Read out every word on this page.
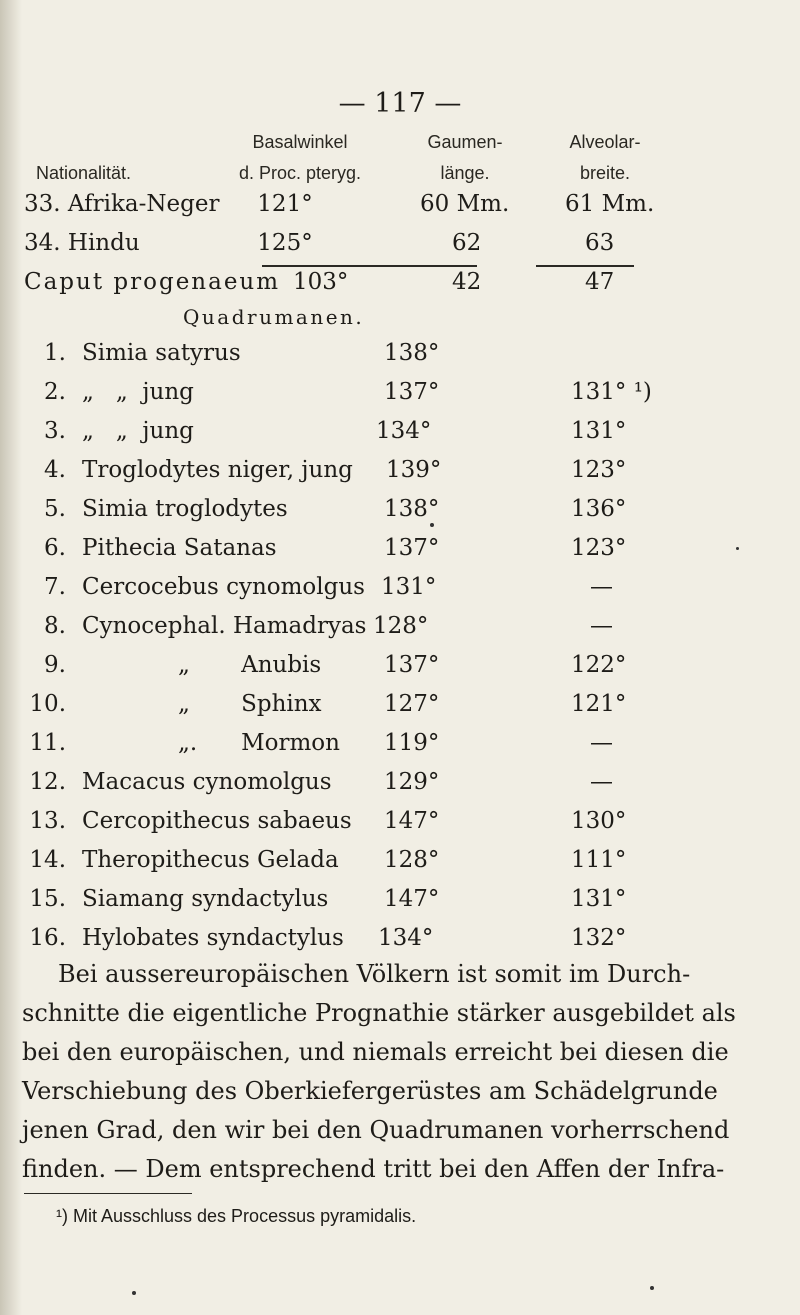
— 117 —
Basalwinkel	Gaumen-	Alveolar-
Nationalität.	d. Proc. pteryg.	länge.	breite.
33. Afrika-Neger	121°	60 Mm. 61 Mm.
34. Hindu	125°	62	63
Caput progenaeum 103°	42	47
Quadrumanen.
1. Simia satyrus	138°
2. „   „  jung	137°	131° ¹)
3. „   „  jung	134°	131°
4. Troglodytes niger, jung 139°	123°
5. Simia troglodytes	138°	136°
6. Pithecia Satanas	137°	123°
7. Cercocebus cynomolgus 131°	—
8. Cynocephal. Hamadryas 128°	—
9.	„       Anubis	137°	122°
10.	„       Sphinx	127°	121°
11.	„.      Mormon 119°	—
12. Macacus cynomolgus 129°	—
13. Cercopithecus sabaeus 147°	130°
14. Theropithecus Gelada 128°	111°
15. Siamang syndactylus 147°	131°
16. Hylobates syndactylus 134°	132°
Bei aussereuropäischen Völkern ist somit im Durch-
schnitte die eigentliche Prognathie stärker ausgebildet als
bei den europäischen, und niemals erreicht bei diesen die
Verschiebung des Oberkiefergerüstes am Schädelgrunde
jenen Grad, den wir bei den Quadrumanen vorherrschend
finden. — Dem entsprechend tritt bei den Affen der Infra-
¹) Mit Ausschluss des Processus pyramidalis.
